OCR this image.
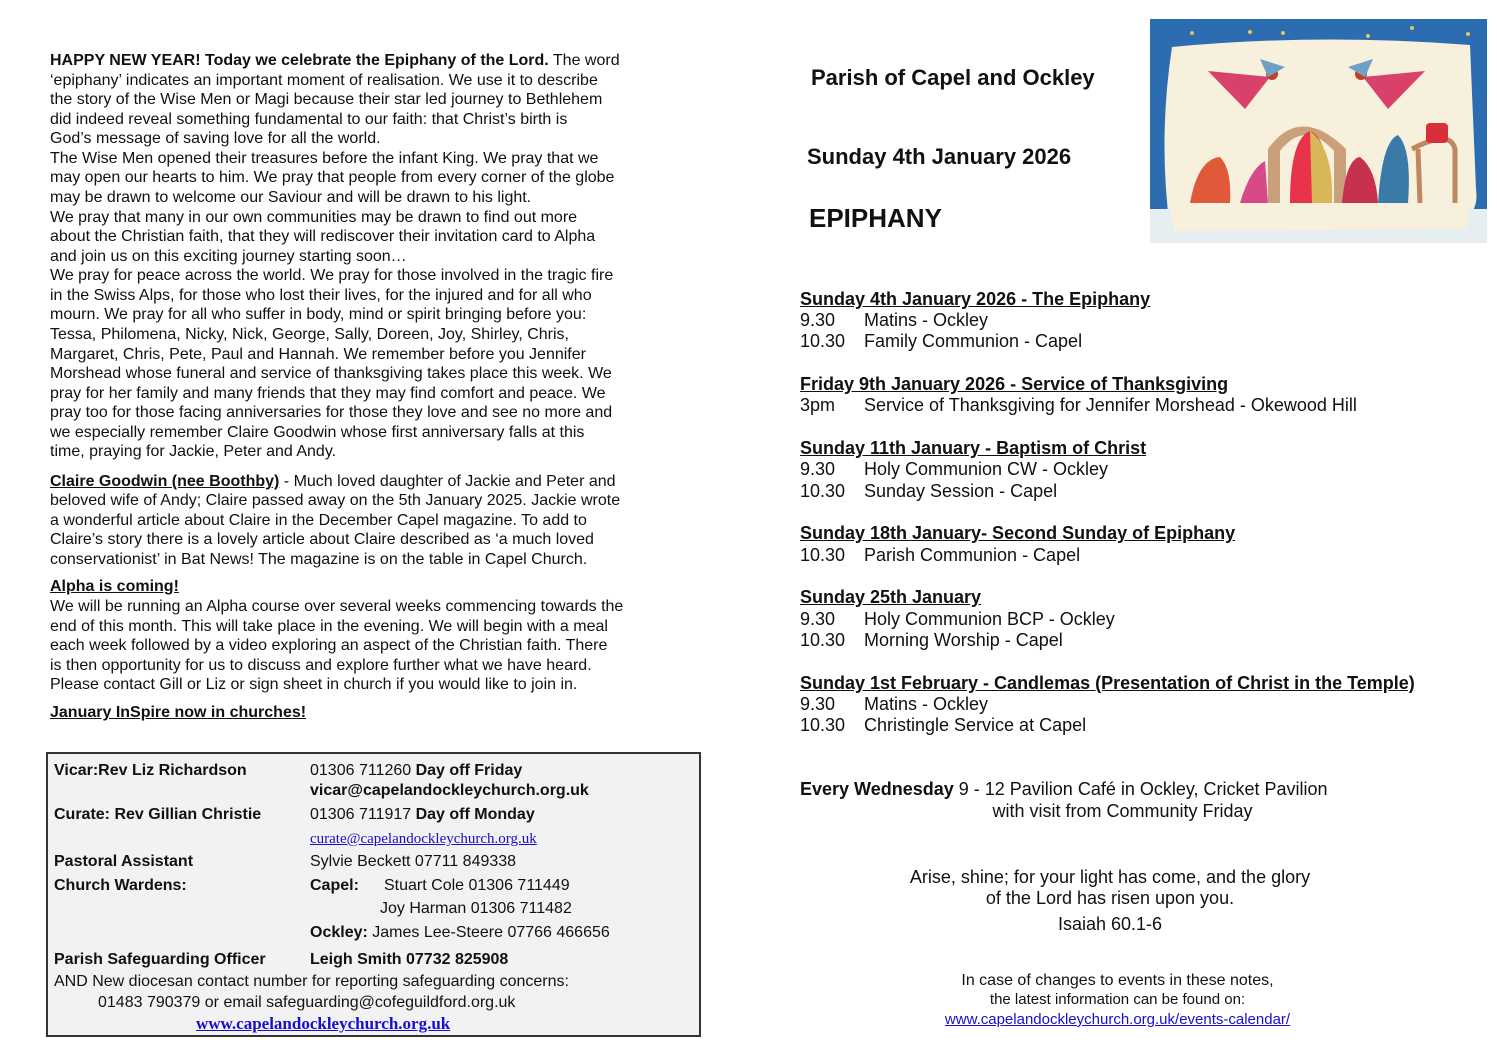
HAPPY NEW YEAR! Today we celebrate the Epiphany of the Lord. The word
‘epiphany’ indicates an important moment of realisation. We use it to describe
the story of the Wise Men or Magi because their star led journey to Bethlehem
did indeed reveal something fundamental to our faith: that Christ’s birth is
God’s message of saving love for all the world.
The Wise Men opened their treasures before the infant King. We pray that we
may open our hearts to him. We pray that people from every corner of the globe
may be drawn to welcome our Saviour and will be drawn to his light.
We pray that many in our own communities may be drawn to find out more
about the Christian faith, that they will rediscover their invitation card to Alpha
and join us on this exciting journey starting soon…
We pray for peace across the world. We pray for those involved in the tragic fire
in the Swiss Alps, for those who lost their lives, for the injured and for all who
mourn. We pray for all who suffer in body, mind or spirit bringing before you:
Tessa, Philomena, Nicky, Nick, George, Sally, Doreen, Joy, Shirley, Chris,
Margaret, Chris, Pete, Paul and Hannah. We remember before you Jennifer
Morshead whose funeral and service of thanksgiving takes place this week. We
pray for her family and many friends that they may find comfort and peace. We
pray too for those facing anniversaries for those they love and see no more and
we especially remember Claire Goodwin whose first anniversary falls at this
time, praying for Jackie, Peter and Andy.
Claire Goodwin (nee Boothby) - Much loved daughter of Jackie and Peter and
beloved wife of Andy; Claire passed away on the 5th January 2025. Jackie wrote
a wonderful article about Claire in the December Capel magazine. To add to
Claire’s story there is a lovely article about Claire described as ‘a much loved
conservationist’ in Bat News! The magazine is on the table in Capel Church.
Alpha is coming!
We will be running an Alpha course over several weeks commencing towards the
end of this month. This will take place in the evening. We will begin with a meal
each week followed by a video exploring an aspect of the Christian faith. There
is then opportunity for us to discuss and explore further what we have heard.
Please contact Gill or Liz or sign sheet in church if you would like to join in.
January InSpire now in churches!
Vicar:Rev Liz Richardson	01306 711260 Day off Friday
vicar@capelandockleychurch.org.uk
Curate: Rev Gillian Christie	01306 711917 Day off Monday
curate@capelandockleychurch.org.uk
Pastoral Assistant	Sylvie Beckett 07711 849338
Church Wardens:	Capel: Stuart Cole 01306 711449
Joy Harman 01306 711482
Ockley: James Lee-Steere 07766 466656
Parish Safeguarding Officer	Leigh Smith 07732 825908
AND New diocesan contact number for reporting safeguarding concerns:
01483 790379 or email safeguarding@cofeguildford.org.uk
www.capelandockleychurch.org.uk
Parish of Capel and Ockley
Sunday 4th January 2026
EPIPHANY
Sunday 4th January 2026 - The Epiphany
9.30 Matins - Ockley
10.30 Family Communion - Capel
Friday 9th January 2026 - Service of Thanksgiving
3pm Service of Thanksgiving for Jennifer Morshead - Okewood Hill
Sunday 11th January - Baptism of Christ
9.30 Holy Communion CW - Ockley
10.30 Sunday Session - Capel
Sunday 18th January- Second Sunday of Epiphany
10.30 Parish Communion - Capel
Sunday 25th January
9.30 Holy Communion BCP - Ockley
10.30 Morning Worship - Capel
Sunday 1st February - Candlemas (Presentation of Christ in the Temple)
9.30 Matins - Ockley
10.30 Christingle Service at Capel
Every Wednesday 9 - 12 Pavilion Café in Ockley, Cricket Pavilion
with visit from Community Friday
Arise, shine; for your light has come, and the glory
of the Lord has risen upon you.
Isaiah 60.1-6
In case of changes to events in these notes,
the latest information can be found on:
www.capelandockleychurch.org.uk/events-calendar/
